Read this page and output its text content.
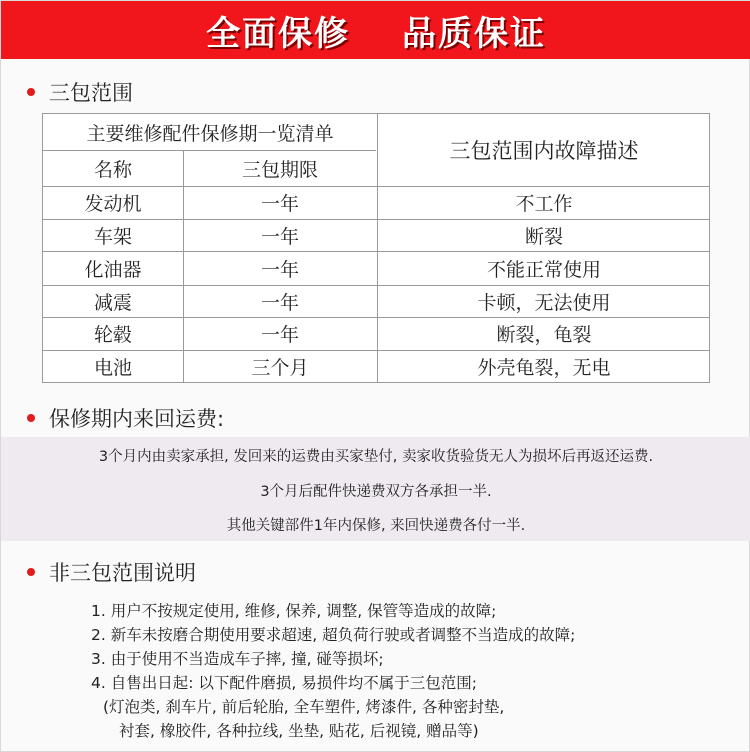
全面保修 品质保证
三包范围
主要维修配件保修期一览清单
名称	三包期限
三包范围内故障描述
发动机	一年	不工作
车架	一年	断裂
化油器	一年	不能正常使用
减震	一年	卡顿，无法使用
轮毂	一年	断裂，龟裂
电池	三个月	外壳龟裂，无电
保修期内来回运费:
3个月内由卖家承担, 发回来的运费由买家垫付, 卖家收货验货无人为损坏后再返还运费.
3个月后配件快递费双方各承担一半.
其他关键部件1年内保修, 来回快递费各付一半.
非三包范围说明
1. 用户不按规定使用, 维修, 保养, 调整, 保管等造成的故障;
2. 新车未按磨合期使用要求超速, 超负荷行驶或者调整不当造成的故障;
3. 由于使用不当造成车子摔, 撞, 碰等损坏;
4. 自售出日起: 以下配件磨损, 易损件均不属于三包范围;
(灯泡类, 刹车片, 前后轮胎, 全车塑件, 烤漆件, 各种密封垫,
衬套, 橡胶件, 各种拉线, 坐垫, 贴花, 后视镜, 赠品等)
